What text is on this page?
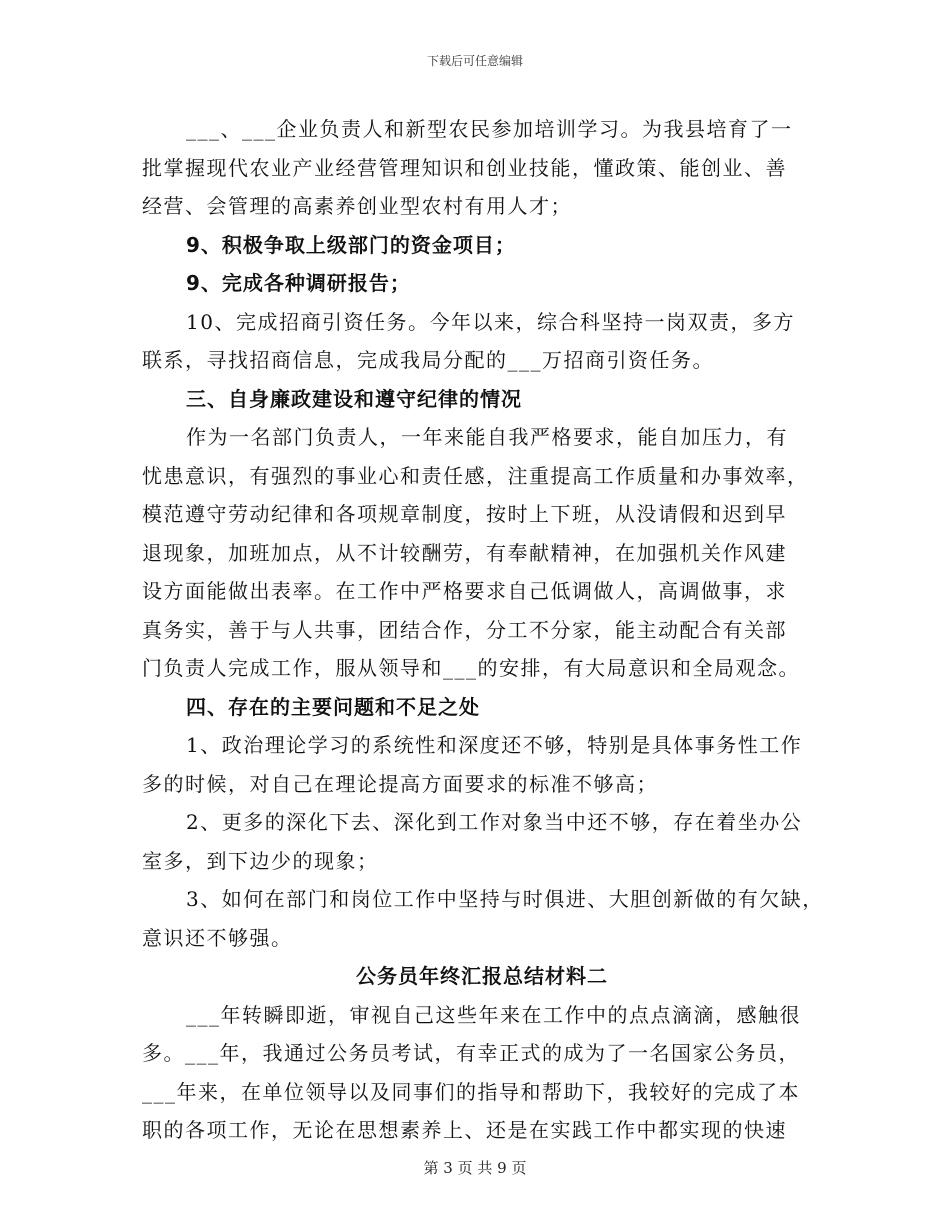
下载后可任意编辑
___、___企业负责人和新型农民参加培训学习。为我县培育了一
批掌握现代农业产业经营管理知识和创业技能，懂政策、能创业、善
经营、会管理的高素养创业型农村有用人才；
9、积极争取上级部门的资金项目；
9、完成各种调研报告；
10、完成招商引资任务。今年以来，综合科坚持一岗双责，多方
联系，寻找招商信息，完成我局分配的___万招商引资任务。
三、自身廉政建设和遵守纪律的情况
作为一名部门负责人，一年来能自我严格要求，能自加压力，有
忧患意识，有强烈的事业心和责任感，注重提高工作质量和办事效率，
模范遵守劳动纪律和各项规章制度，按时上下班，从没请假和迟到早
退现象，加班加点，从不计较酬劳，有奉献精神，在加强机关作风建
设方面能做出表率。在工作中严格要求自己低调做人，高调做事，求
真务实，善于与人共事，团结合作，分工不分家，能主动配合有关部
门负责人完成工作，服从领导和___的安排，有大局意识和全局观念。
四、存在的主要问题和不足之处
1、政治理论学习的系统性和深度还不够，特别是具体事务性工作
多的时候，对自己在理论提高方面要求的标准不够高；
2、更多的深化下去、深化到工作对象当中还不够，存在着坐办公
室多，到下边少的现象；
3、如何在部门和岗位工作中坚持与时俱进、大胆创新做的有欠缺，
意识还不够强。
公务员年终汇报总结材料二
___年转瞬即逝，审视自己这些年来在工作中的点点滴滴，感触很
多。___年，我通过公务员考试，有幸正式的成为了一名国家公务员，
___年来，在单位领导以及同事们的指导和帮助下，我较好的完成了本
职的各项工作，无论在思想素养上、还是在实践工作中都实现的快速
第 3 页 共 9 页
